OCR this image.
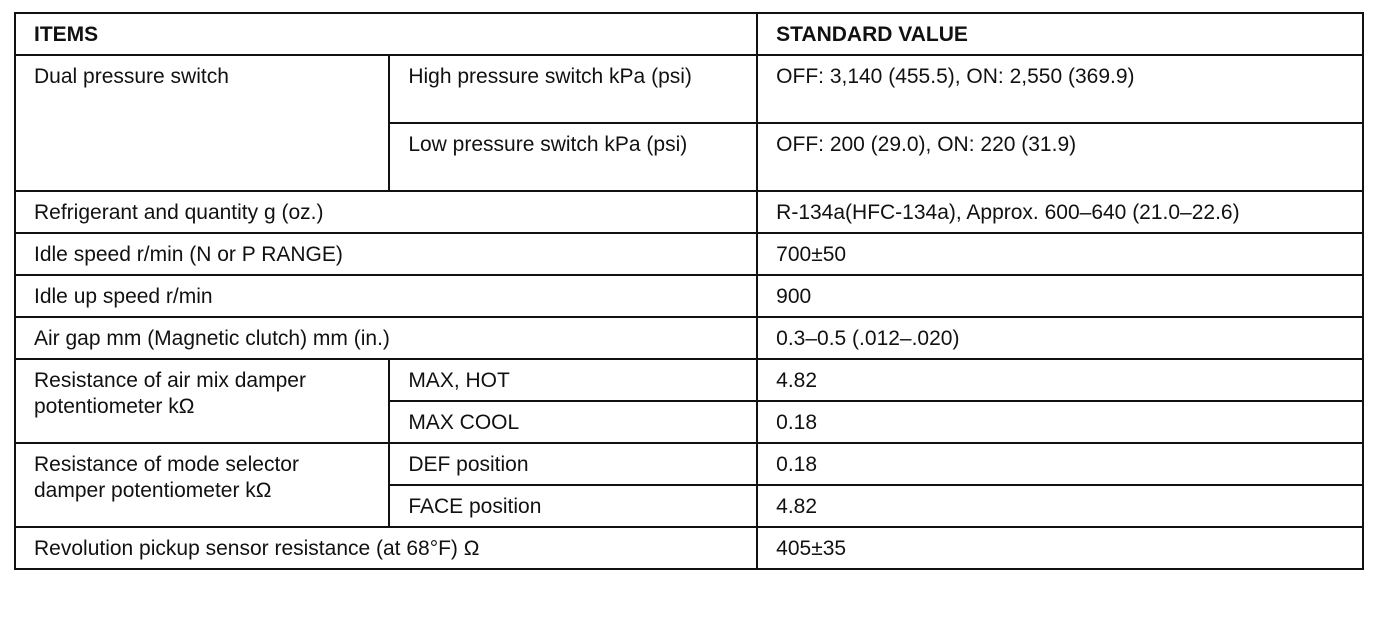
ITEMS		STANDARD VALUE
Dual pressure switch	High pressure switch kPa (psi)	OFF: 3,140 (455.5), ON: 2,550 (369.9)
	Low pressure switch kPa (psi)	OFF: 200 (29.0), ON: 220 (31.9)
Refrigerant and quantity g (oz.)		R-134a(HFC-134a), Approx. 600–640 (21.0–22.6)
Idle speed r/min (N or P RANGE)		700±50
Idle up speed r/min		900
Air gap mm (Magnetic clutch) mm (in.)		0.3–0.5 (.012–.020)
Resistance of air mix damper potentiometer kΩ	MAX, HOT	4.82
	MAX COOL	0.18
Resistance of mode selector damper potentiometer kΩ	DEF position	0.18
	FACE position	4.82
Revolution pickup sensor resistance (at 68°F) Ω		405±35
